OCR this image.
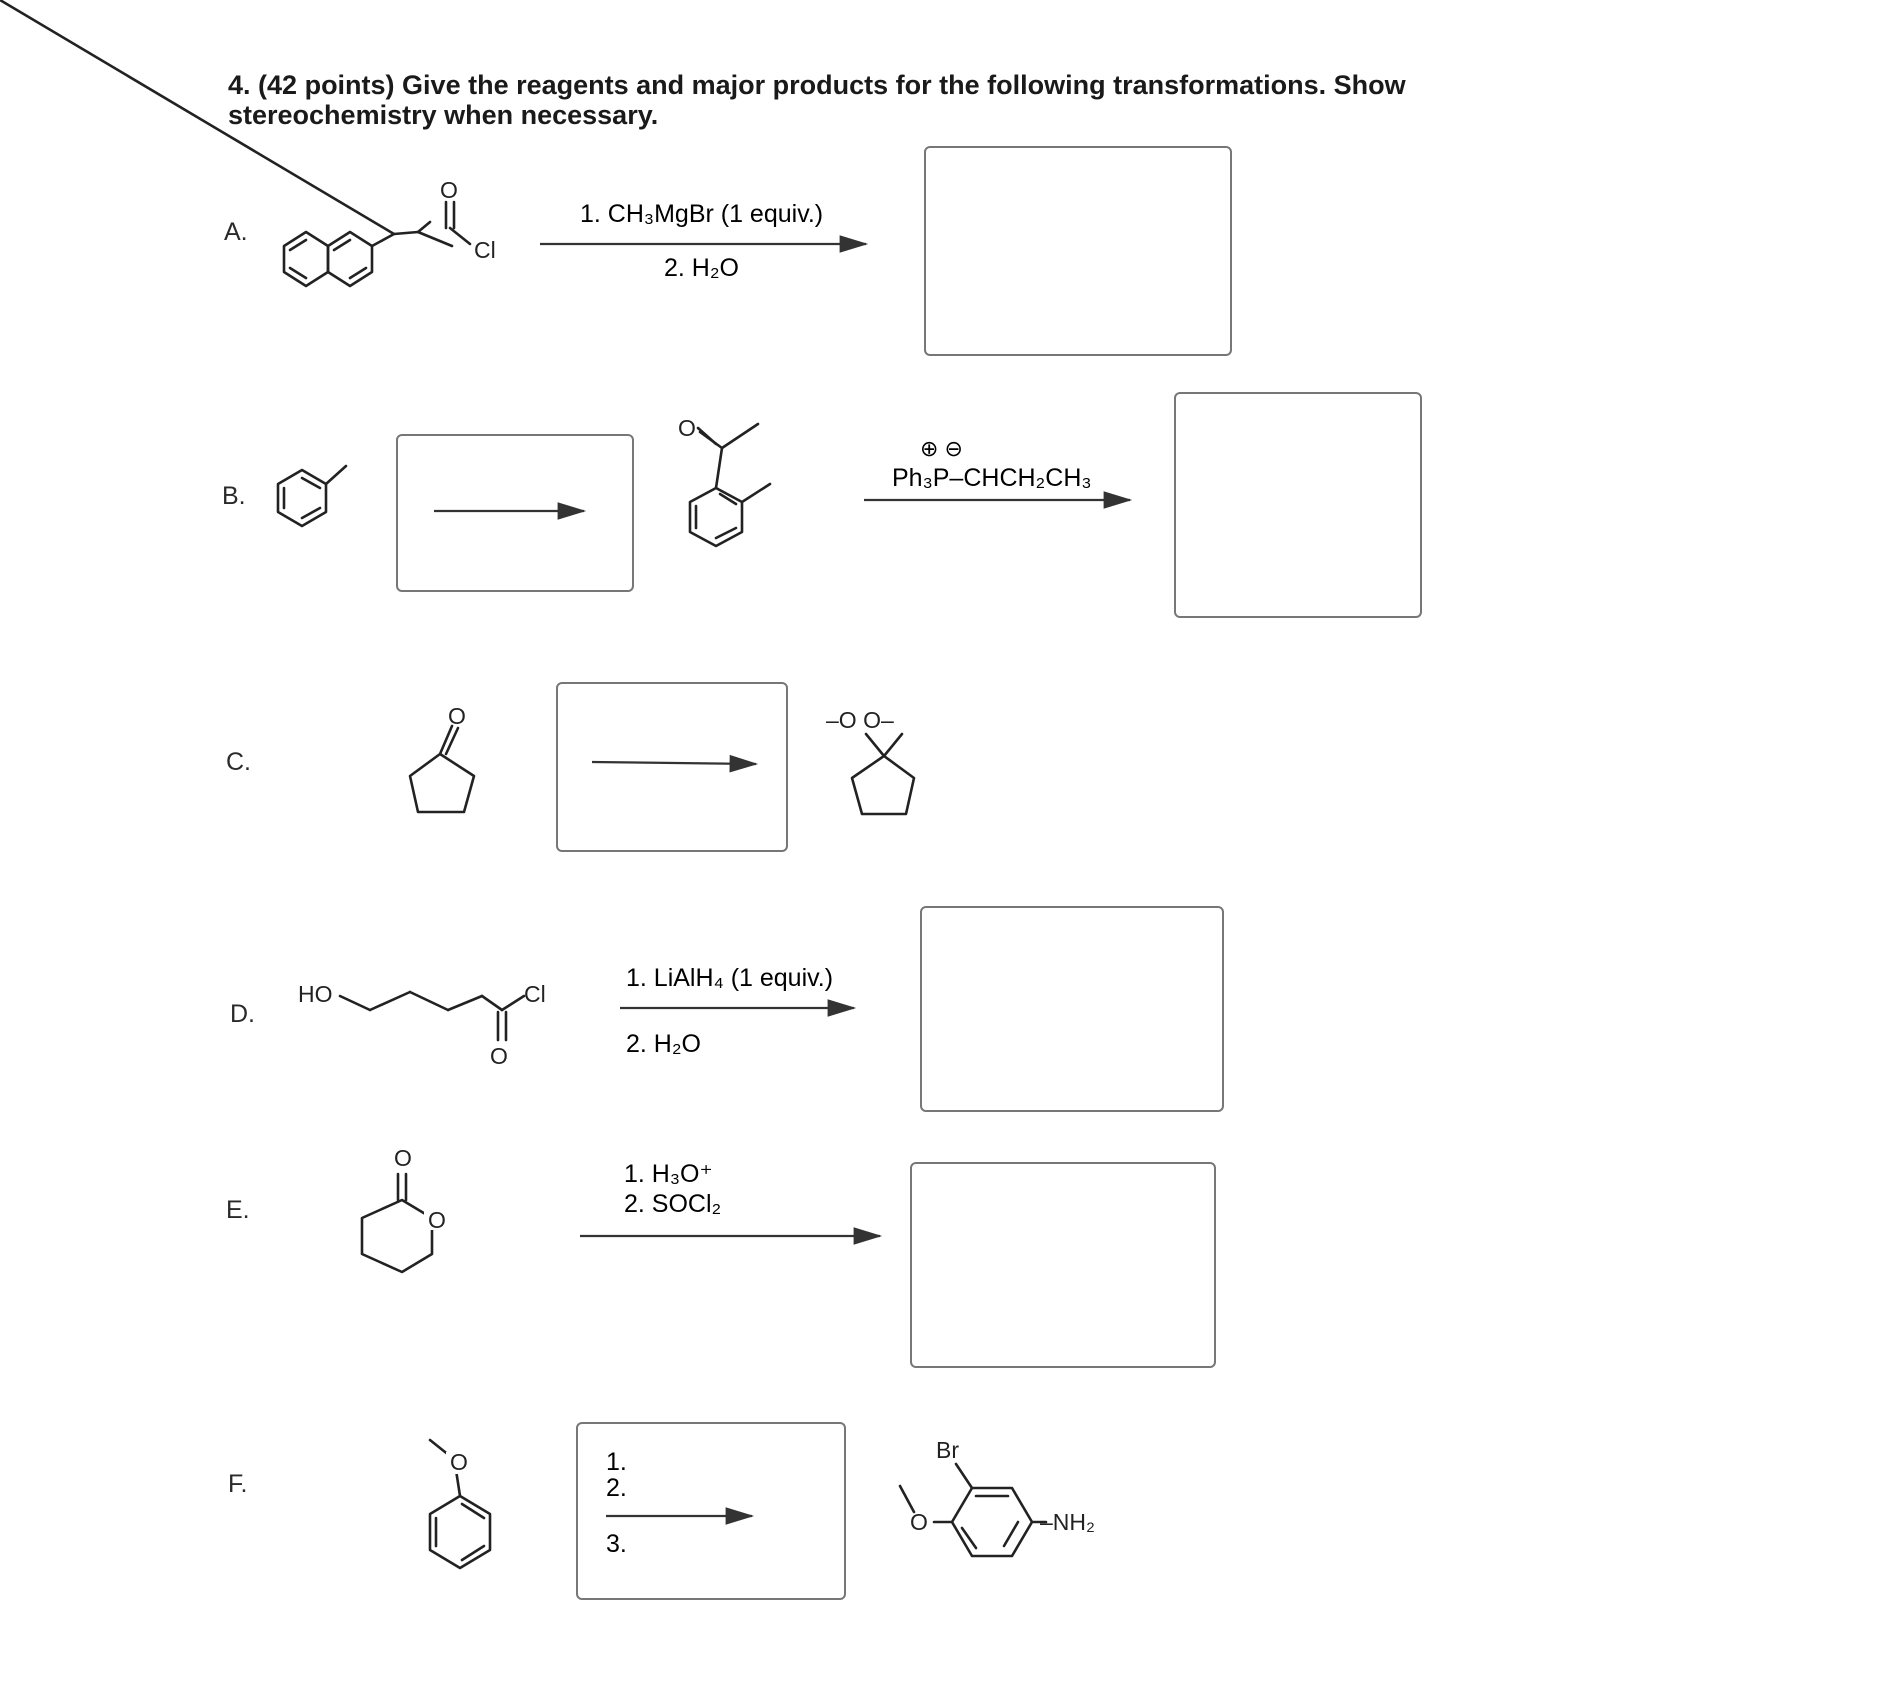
4. (42 points) Give the reagents and major products for the following transformations. Show stereochemistry when necessary.

A.
B.
C.
D.
E.
F.
O
Cl
1. CH₃MgBr (1 equiv.)
2. H₂O
O
⊕ ⊖
Ph₃P–CHCH₂CH₃
O	–O O–
HO	Cl
O
1. LiAlH₄ (1 equiv.)
2. H₂O
O
O
1. H₃O⁺
2. SOCl₂
O	1.
2.
3.
Br
O	–NH₂
